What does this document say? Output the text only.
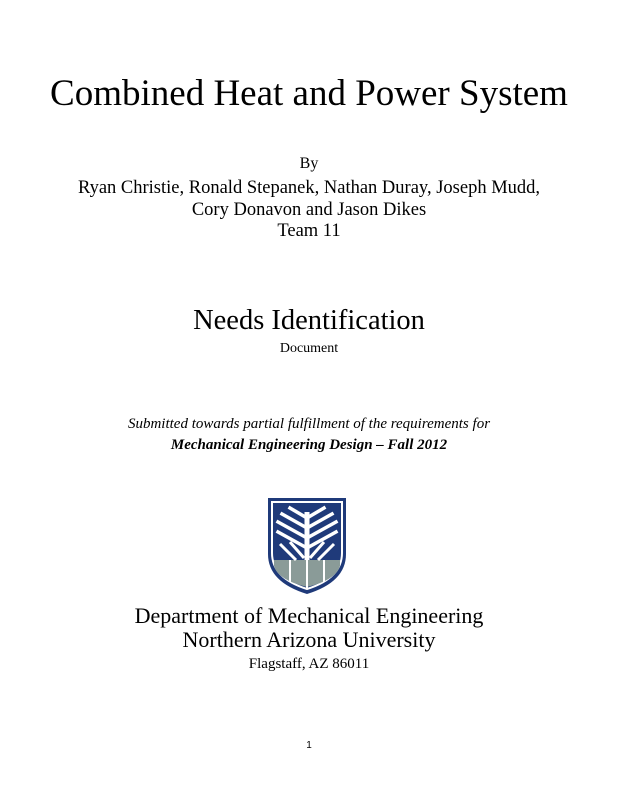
Combined Heat and Power System
By
Ryan Christie, Ronald Stepanek, Nathan Duray, Joseph Mudd,
Cory Donavon and Jason Dikes
Team 11
Needs Identification
Document
Submitted towards partial fulfillment of the requirements for
Mechanical Engineering Design – Fall 2012
Department of Mechanical Engineering
Northern Arizona University
Flagstaff, AZ 86011
1
